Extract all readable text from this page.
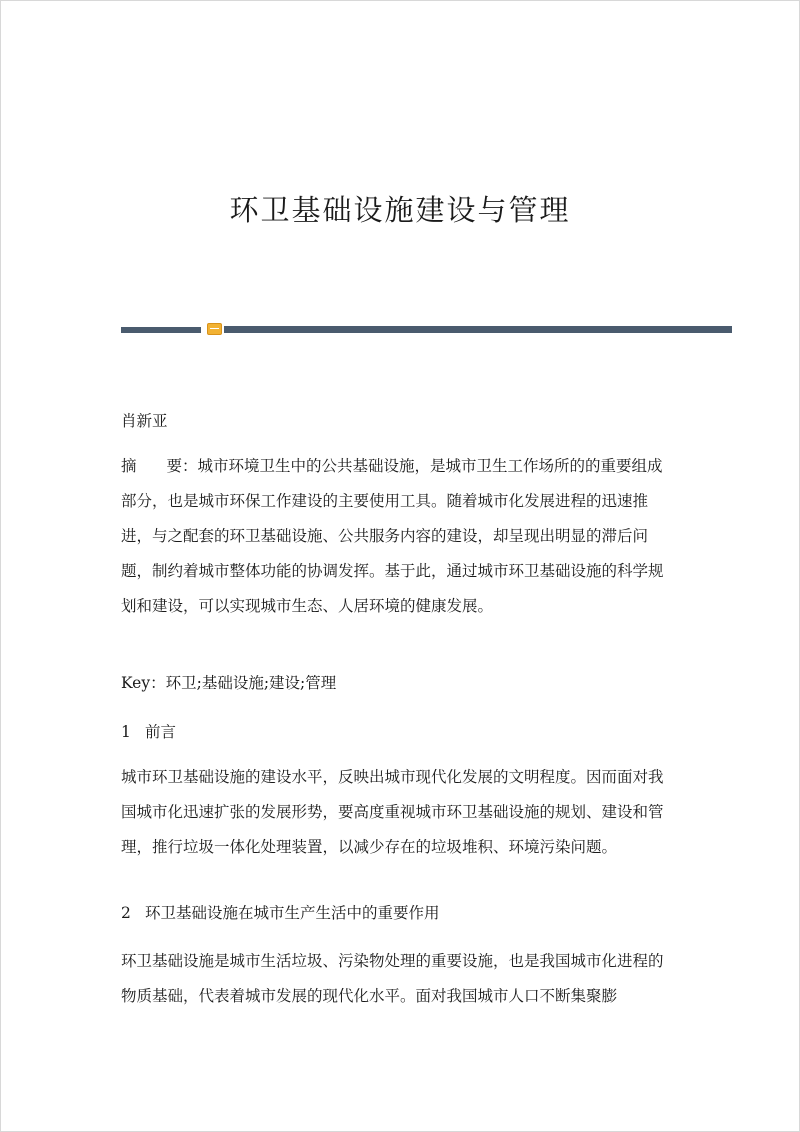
环卫基础设施建设与管理

肖新亚

摘 要：城市环境卫生中的公共基础设施，是城市卫生工作场所的的重要组成部分，也是城市环保工作建设的主要使用工具。随着城市化发展进程的迅速推进，与之配套的环卫基础设施、公共服务内容的建设，却呈现出明显的滞后问题，制约着城市整体功能的协调发挥。基于此，通过城市环卫基础设施的科学规划和建设，可以实现城市生态、人居环境的健康发展。

Key：环卫;基础设施;建设;管理

1 前言

城市环卫基础设施的建设水平，反映出城市现代化发展的文明程度。因而面对我国城市化迅速扩张的发展形势，要高度重视城市环卫基础设施的规划、建设和管理，推行垃圾一体化处理装置，以减少存在的垃圾堆积、环境污染问题。

2 环卫基础设施在城市生产生活中的重要作用

环卫基础设施是城市生活垃圾、污染物处理的重要设施，也是我国城市化进程的物质基础，代表着城市发展的现代化水平。面对我国城市人口不断集聚膨
